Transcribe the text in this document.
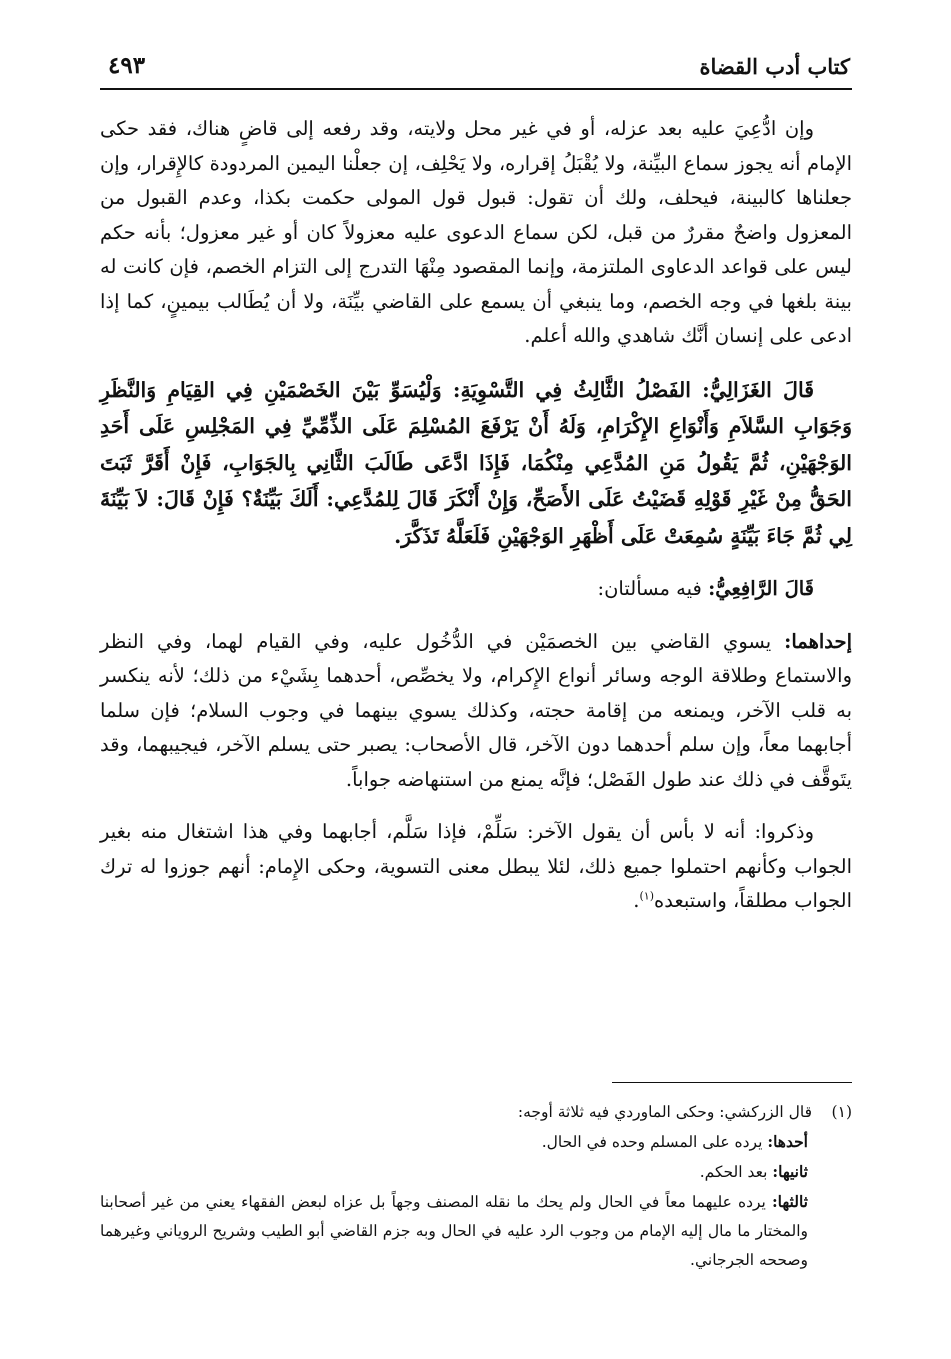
كتاب أدب القضاة
٤٩٣

وإن ادُّعِيَ عليه بعد عزله، أو في غير محل ولايته، وقد رفعه إلى قاضٍ هناك، فقد حكى الإمام أنه يجوز سماع البيِّنة، ولا يُقْبَلُ إقراره، ولا يَحْلِف، إن جعلْنا اليمين المردودة كالإِقرار، وإن جعلناها كالبينة، فيحلف، ولك أن تقول: قبول قول المولى حكمت بكذا، وعدم القبول من المعزول واضحٌ مقررٌ من قبل، لكن سماع الدعوى عليه معزولاً كان أو غير معزول؛ بأنه حكم ليس على قواعد الدعاوى الملتزمة، وإنما المقصود مِنْهَا التدرج إلى التزام الخصم، فإن كانت له بينة بلغها في وجه الخصم، وما ينبغي أن يسمع على القاضي بيِّنَة، ولا أن يُطَالب بيمينٍ، كما إذا ادعى على إنسان أنَّك شاهدي والله أعلم.

قَالَ الغَزَالِيُّ: الفَصْلُ الثَّالِثُ فِي التَّسْوِيَةِ: وَلْيُسَوِّ بَيْنَ الخَصْمَيْنِ فِي القِيَامِ وَالنَّظَرِ وَجَوَابِ السَّلاَمِ وَأَنْوَاعِ الإِكْرَامِ، وَلَهُ أَنْ يَرْفَعَ المُسْلِمَ عَلَى الذِّمِّيِّ فِي المَجْلِسِ عَلَى أَحَدِ الوَجْهَيْنِ، ثُمَّ يَقُولُ مَنِ المُدَّعِي مِنْكُمَا، فَإِذَا ادَّعَى طَالَبَ الثَّانِي بِالجَوَابِ، فَإِنْ أَقَرَّ ثَبَتَ الحَقُّ مِنْ غَيْرِ قَوْلِهِ قَضَيْتُ عَلَى الأَصَحِّ، وَإِنْ أَنْكَرَ قَالَ لِلمُدَّعِي: أَلَكَ بَيِّنَةٌ؟ فَإِنْ قَالَ: لاَ بَيِّنَةَ لِي ثُمَّ جَاءَ بَيِّنَةٍ سُمِعَتْ عَلَى أَظْهَرِ الوَجْهَيْنِ فَلَعَلَّهُ تَذَكَّرَ.

قَالَ الرَّافِعِيُّ: فيه مسألتان:

إحداهما: يسوي القاضي بين الخصمَيْن في الدُّخُول عليه، وفي القيام لهما، وفي النظر والاستماع وطلاقة الوجه وسائر أنواع الإِكرام، ولا يخصِّص، أحدهما بِشَيْء من ذلك؛ لأنه ينكسر به قلب الآخر، ويمنعه من إقامة حجته، وكذلك يسوي بينهما في وجوب السلام؛ فإن سلما أجابهما معاً، وإن سلم أحدهما دون الآخر، قال الأصحاب: يصبر حتى يسلم الآخر، فيجيبهما، وقد يتَوقَّف في ذلك عند طول الفَصْل؛ فإنَّه يمنع من استنهاضه جواباً.

وذكروا: أنه لا بأس أن يقول الآخر: سَلِّمْ، فإذا سَلَّم، أجابهما وفي هذا اشتغال منه بغير الجواب وكأنهم احتملوا جميع ذلك، لئلا يبطل معنى التسوية، وحكى الإِمام: أنهم جوزوا له ترك الجواب مطلقاً، واستبعده$^{(١)}$.

(١)قال الزركشي: وحكى الماوردي فيه ثلاثة أوجه:

أحدها: يرده على المسلم وحده في الحال.

ثانيها: بعد الحكم.

ثالثها: يرده عليهما معاً في الحال ولم يحك ما نقله المصنف وجهاً بل عزاه لبعض الفقهاء يعني من غير أصحابنا والمختار ما مال إليه الإمام من وجوب الرد عليه في الحال وبه جزم القاضي أبو الطيب وشريح الروياني وغيرهما وصححه الجرجاني.
